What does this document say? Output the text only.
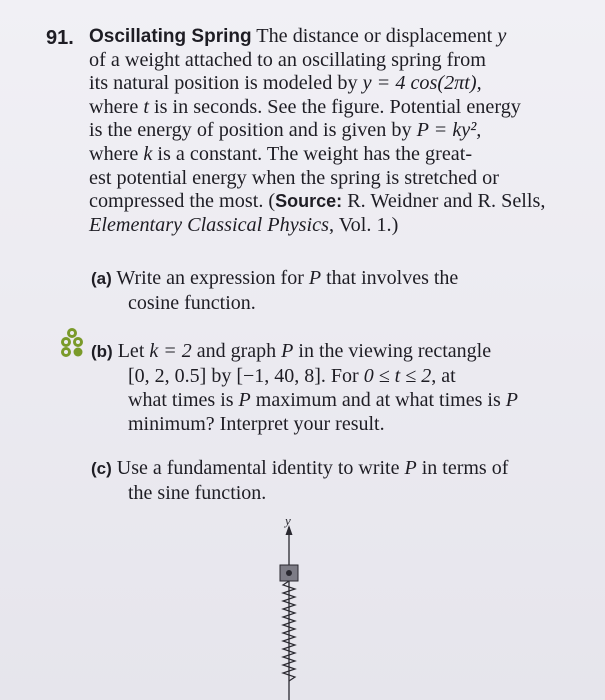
91. Oscillating Spring The distance or displacement y
of a weight attached to an oscillating spring from
its natural position is modeled by y = 4 cos(2πt),
where t is in seconds. See the figure. Potential energy
is the energy of position and is given by P = ky²,
where k is a constant. The weight has the great-
est potential energy when the spring is stretched or
compressed the most. (Source: R. Weidner and R. Sells,
Elementary Classical Physics, Vol. 1.)
(a) Write an expression for P that involves the
cosine function.
(b) Let k = 2 and graph P in the viewing rectangle
[0, 2, 0.5] by [−1, 40, 8]. For 0 ≤ t ≤ 2, at
what times is P maximum and at what times is P
minimum? Interpret your result.
(c) Use a fundamental identity to write P in terms of
the sine function.
y
